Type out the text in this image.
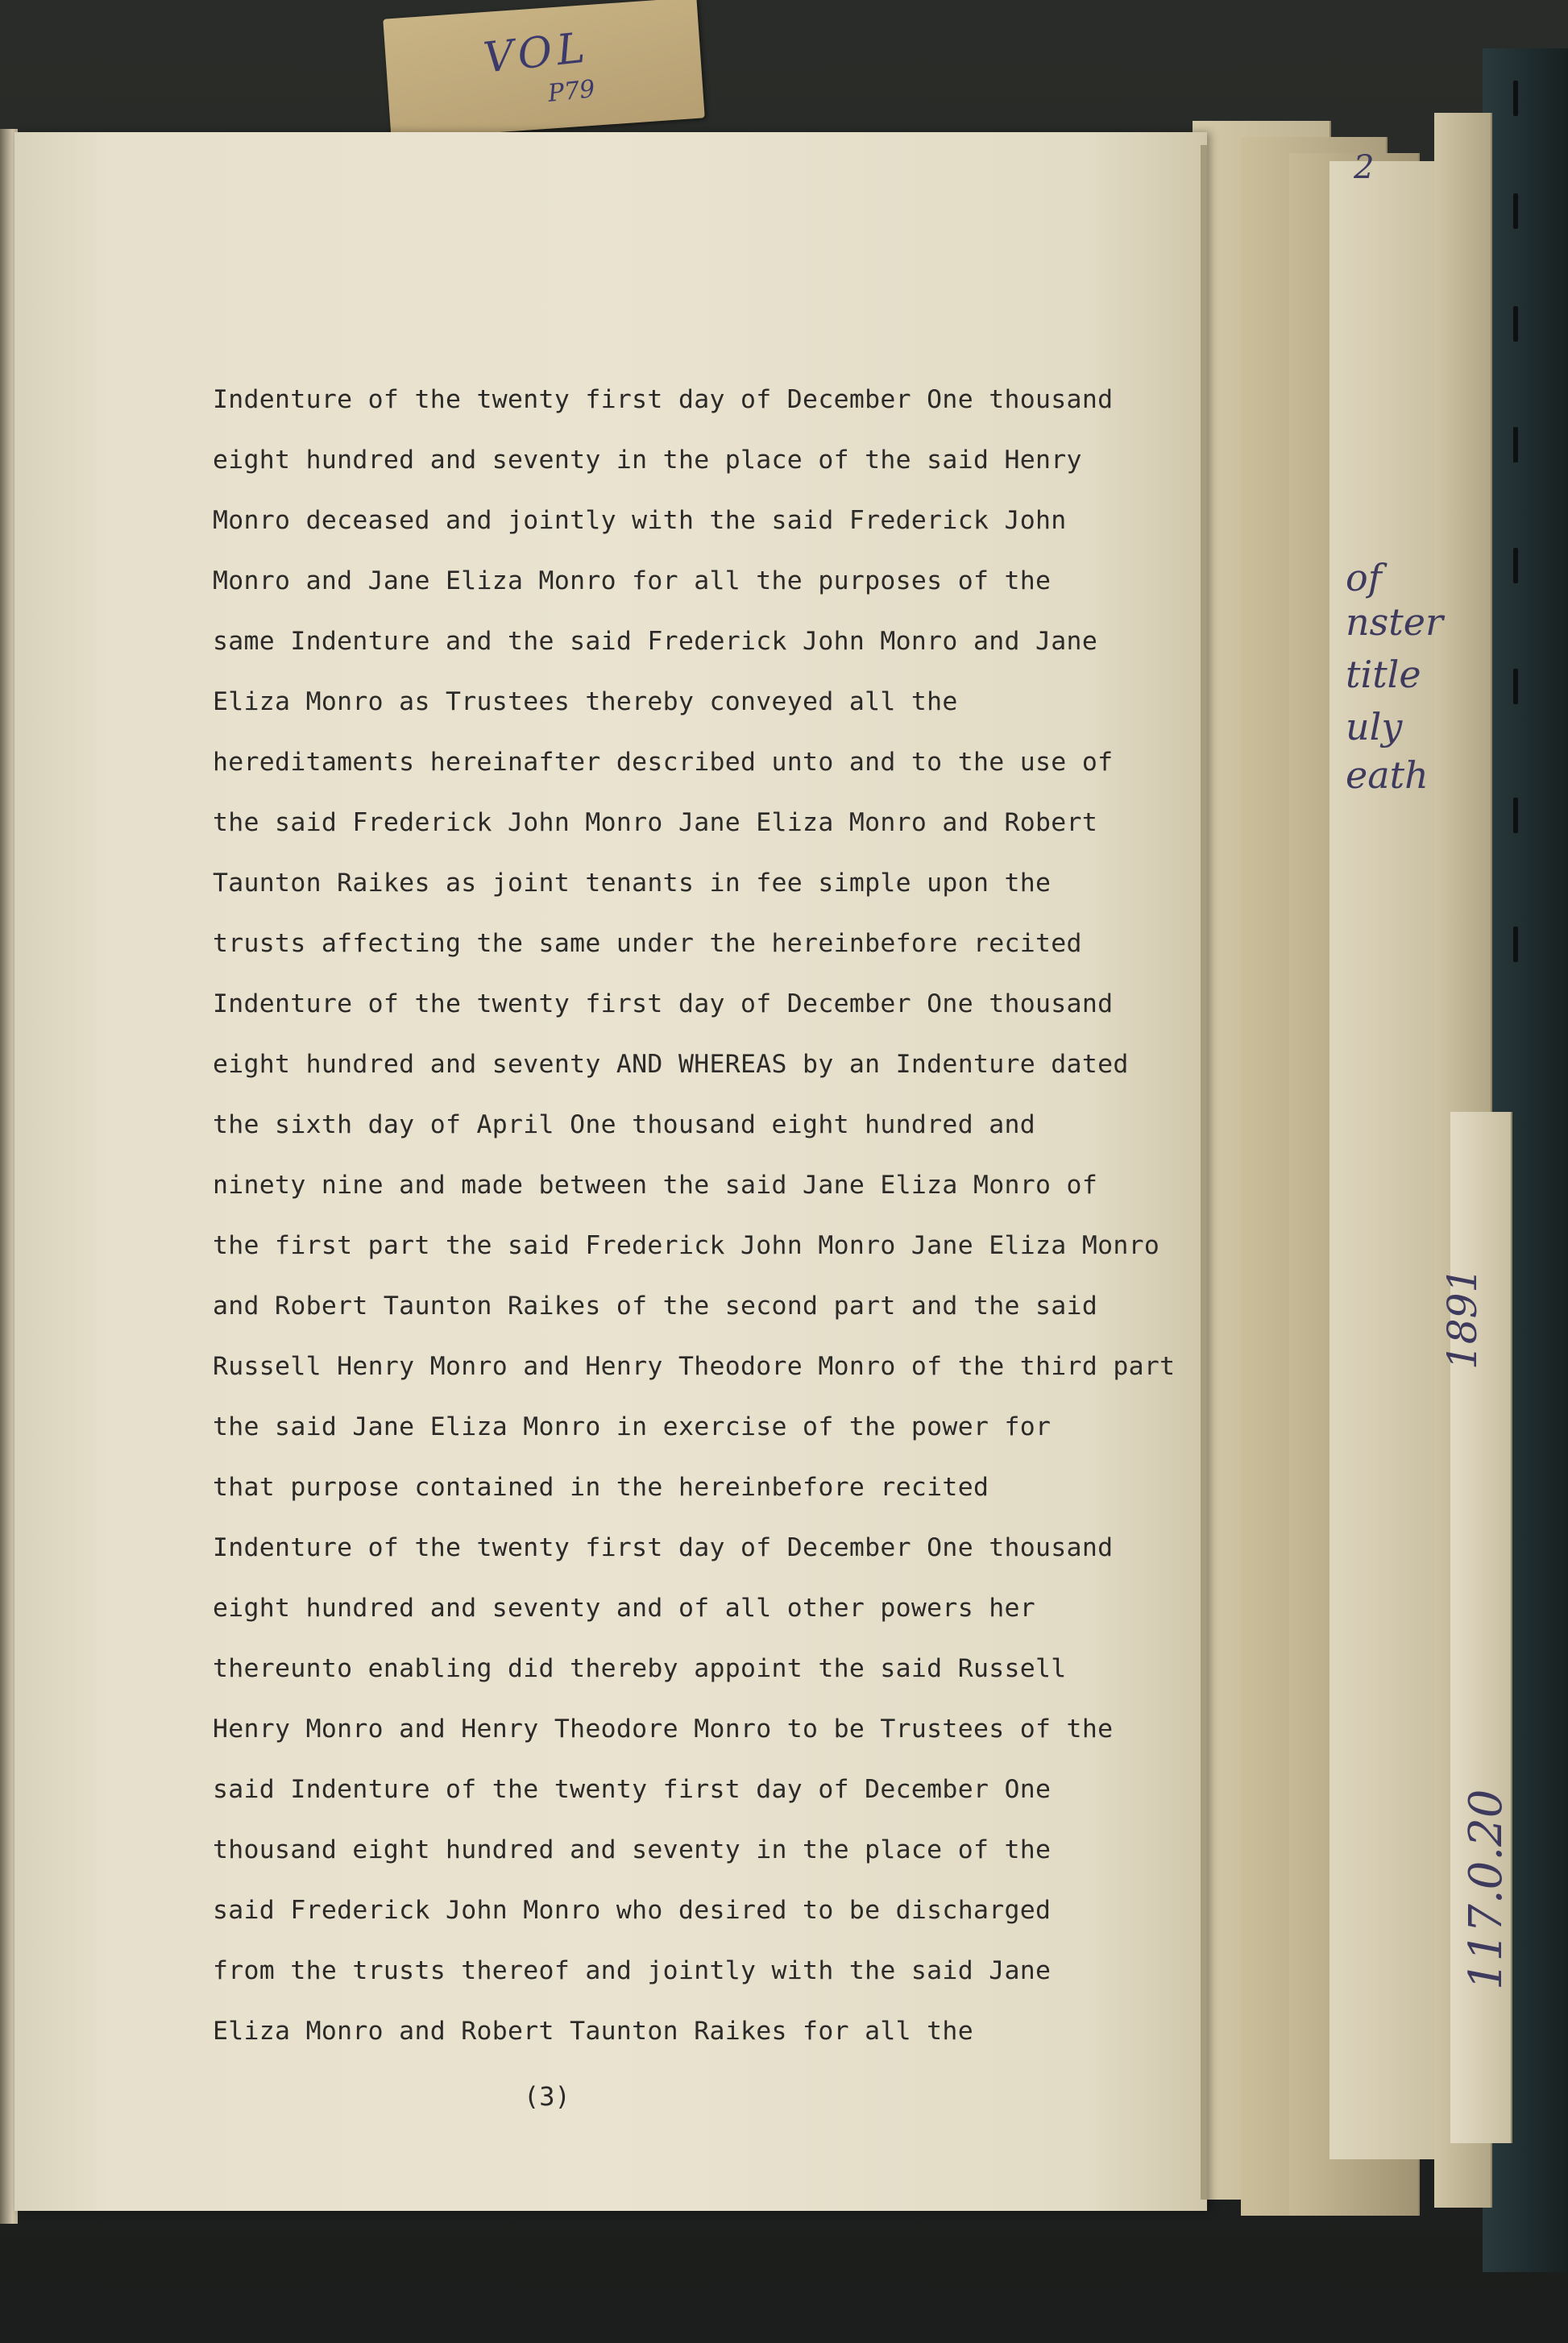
VOL
P79
2
of
nster
title
uly
eath
1891
117.0.20
Indenture of the twenty first day of December One thousand
eight hundred and seventy in the place of the said Henry
Monro deceased and jointly with the said Frederick John
Monro and Jane Eliza Monro for all the purposes of the
same Indenture and the said Frederick John Monro and Jane
Eliza Monro as Trustees thereby conveyed all the
hereditaments hereinafter described unto and to the use of
the said Frederick John Monro Jane Eliza Monro and Robert
Taunton Raikes as joint tenants in fee simple upon the
trusts affecting the same under the hereinbefore recited
Indenture of the twenty first day of December One thousand
eight hundred and seventy AND WHEREAS by an Indenture dated
the sixth day of April One thousand eight hundred and
ninety nine and made between the said Jane Eliza Monro of
the first part the said Frederick John Monro Jane Eliza Monro
and Robert Taunton Raikes of the second part and the said
Russell Henry Monro and Henry Theodore Monro of the third part
the said Jane Eliza Monro in exercise of the power for
that purpose contained in the hereinbefore recited
Indenture of the twenty first day of December One thousand
eight hundred and seventy and of all other powers her
thereunto enabling did thereby appoint the said Russell
Henry Monro and Henry Theodore Monro to be Trustees of the
said Indenture of the twenty first day of December One
thousand eight hundred and seventy in the place of the
said Frederick John Monro who desired to be discharged
from the trusts thereof and jointly with the said Jane
Eliza Monro and Robert Taunton Raikes for all the
(3)
